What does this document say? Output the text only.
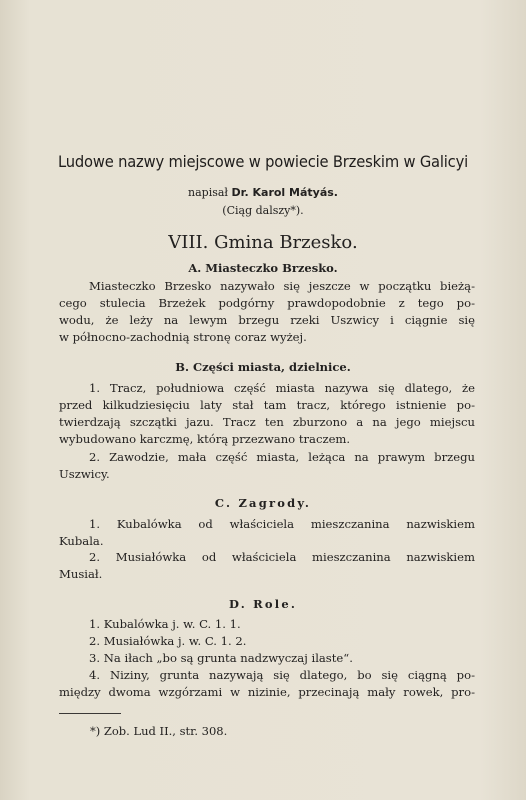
Ludowe nazwy miejscowe w powiecie Brzeskim w Galicyi
napisał Dr. Karol Mátyás.
(Ciąg dalszy*).
VIII. Gmina Brzesko.
A. Miasteczko Brzesko.
Miasteczko Brzesko nazywało się jeszcze w początku bieżą-
cego stulecia Brzeżek podgórny prawdopodobnie z tego po-
wodu, że leży na lewym brzegu rzeki Uszwicy i ciągnie się
w północno-zachodnią stronę coraz wyżej.
B. Części miasta, dzielnice.
1. Tracz, południowa część miasta nazywa się dlatego, że
przed kilkudziesięciu laty stał tam tracz, którego istnienie po-
twierdzają szczątki jazu. Tracz ten zburzono a na jego miejscu
wybudowano karczmę, którą przezwano traczem.
2. Zawodzie, mała część miasta, leżąca na prawym brzegu
Uszwicy.
C. Zagrody.
1. Kubalówka od właściciela mieszczanina nazwiskiem
Kubala.
2. Musiałówka od właściciela mieszczanina nazwiskiem
Musiał.
D. Role.
1. Kubalówka j. w. C. 1. 1.
2. Musiałówka j. w. C. 1. 2.
3. Na iłach „bo są grunta nadzwyczaj ilaste“.
4. Niziny, grunta nazywają się dlatego, bo się ciągną po-
między dwoma wzgórzami w nizinie, przecinają mały rowek, pro-
*) Zob. Lud II., str. 308.
